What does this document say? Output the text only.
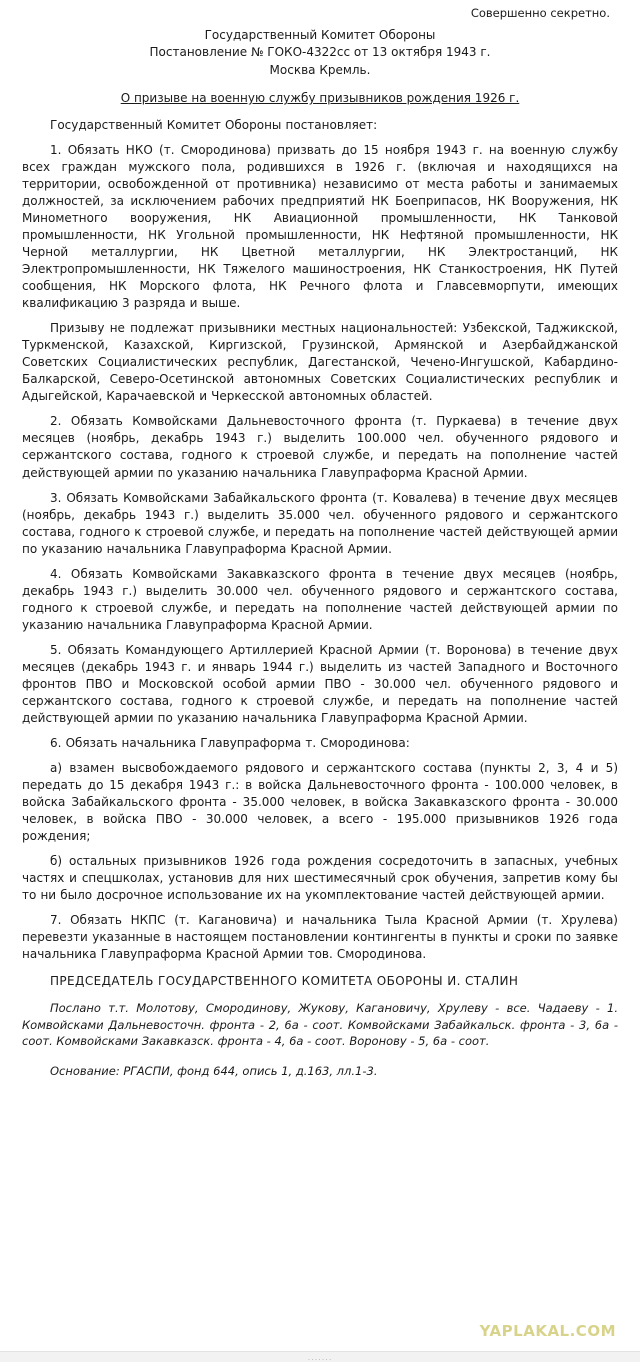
Совершенно секретно.
Государственный Комитет Обороны
Постановление № ГОКО-4322сс от 13 октября 1943 г.
Москва Кремль.
О призыве на военную службу призывников рождения 1926 г.

Государственный Комитет Обороны постановляет:

1. Обязать НКО (т. Смородинова) призвать до 15 ноября 1943 г. на военную службу всех граждан мужского пола, родившихся в 1926 г. (включая и находящихся на территории, освобожденной от противника) независимо от места работы и занимаемых должностей, за исключением рабочих предприятий НК Боеприпасов, НК Вооружения, НК Минометного вооружения, НК Авиационной промышленности, НК Танковой промышленности, НК Угольной промышленности, НК Нефтяной промышленности, НК Черной металлургии, НК Цветной металлургии, НК Электростанций, НК Электропромышленности, НК Тяжелого машиностроения, НК Станкостроения, НК Путей сообщения, НК Морского флота, НК Речного флота и Главсевморпути, имеющих квалификацию 3 разряда и выше.

Призыву не подлежат призывники местных национальностей: Узбекской, Таджикской, Туркменской, Казахской, Киргизской, Грузинской, Армянской и Азербайджанской Советских Социалистических республик, Дагестанской, Чечено-Ингушской, Кабардино-Балкарской, Северо-Осетинской автономных Советских Социалистических республик и Адыгейской, Карачаевской и Черкесской автономных областей.

2. Обязать Комвойсками Дальневосточного фронта (т. Пуркаева) в течение двух месяцев (ноябрь, декабрь 1943 г.) выделить 100.000 чел. обученного рядового и сержантского состава, годного к строевой службе, и передать на пополнение частей действующей армии по указанию начальника Главупраформа Красной Армии.

3. Обязать Комвойсками Забайкальского фронта (т. Ковалева) в течение двух месяцев (ноябрь, декабрь 1943 г.) выделить 35.000 чел. обученного рядового и сержантского состава, годного к строевой службе, и передать на пополнение частей действующей армии по указанию начальника Главупраформа Красной Армии.

4. Обязать Комвойсками Закавказского фронта в течение двух месяцев (ноябрь, декабрь 1943 г.) выделить 30.000 чел. обученного рядового и сержантского состава, годного к строевой службе, и передать на пополнение частей действующей армии по указанию начальника Главупраформа Красной Армии.

5. Обязать Командующего Артиллерией Красной Армии (т. Воронова) в течение двух месяцев (декабрь 1943 г. и январь 1944 г.) выделить из частей Западного и Восточного фронтов ПВО и Московской особой армии ПВО - 30.000 чел. обученного рядового и сержантского состава, годного к строевой службе, и передать на пополнение частей действующей армии по указанию начальника Главупраформа Красной Армии.

6. Обязать начальника Главупраформа т. Смородинова:

а) взамен высвобождаемого рядового и сержантского состава (пункты 2, 3, 4 и 5) передать до 15 декабря 1943 г.: в войска Дальневосточного фронта - 100.000 человек, в войска Забайкальского фронта - 35.000 человек, в войска Закавказского фронта - 30.000 человек, в войска ПВО - 30.000 человек, а всего - 195.000 призывников 1926 года рождения;

б) остальных призывников 1926 года рождения сосредоточить в запасных, учебных частях и спецшколах, установив для них шестимесячный срок обучения, запретив кому бы то ни было досрочное использование их на укомплектование частей действующей армии.

7. Обязать НКПС (т. Кагановича) и начальника Тыла Красной Армии (т. Хрулева) перевезти указанные в настоящем постановлении контингенты в пункты и сроки по заявке начальника Главупраформа Красной Армии тов. Смородинова.

ПРЕДСЕДАТЕЛЬ ГОСУДАРСТВЕННОГО КОМИТЕТА ОБОРОНЫ И. СТАЛИН

Послано т.т. Молотову, Смородинову, Жукову, Кагановичу, Хрулеву - все. Чадаеву - 1. Комвойсками Дальневосточн. фронта - 2, 6а - соот. Комвойсками Забайкальск. фронта - 3, 6а - соот. Комвойсками Закавказск. фронта - 4, 6а - соот. Воронову - 5, 6а - соот.

Основание: РГАСПИ, фонд 644, опись 1, д.163, лл.1-3.

YAPLAKAL.COM
.......
